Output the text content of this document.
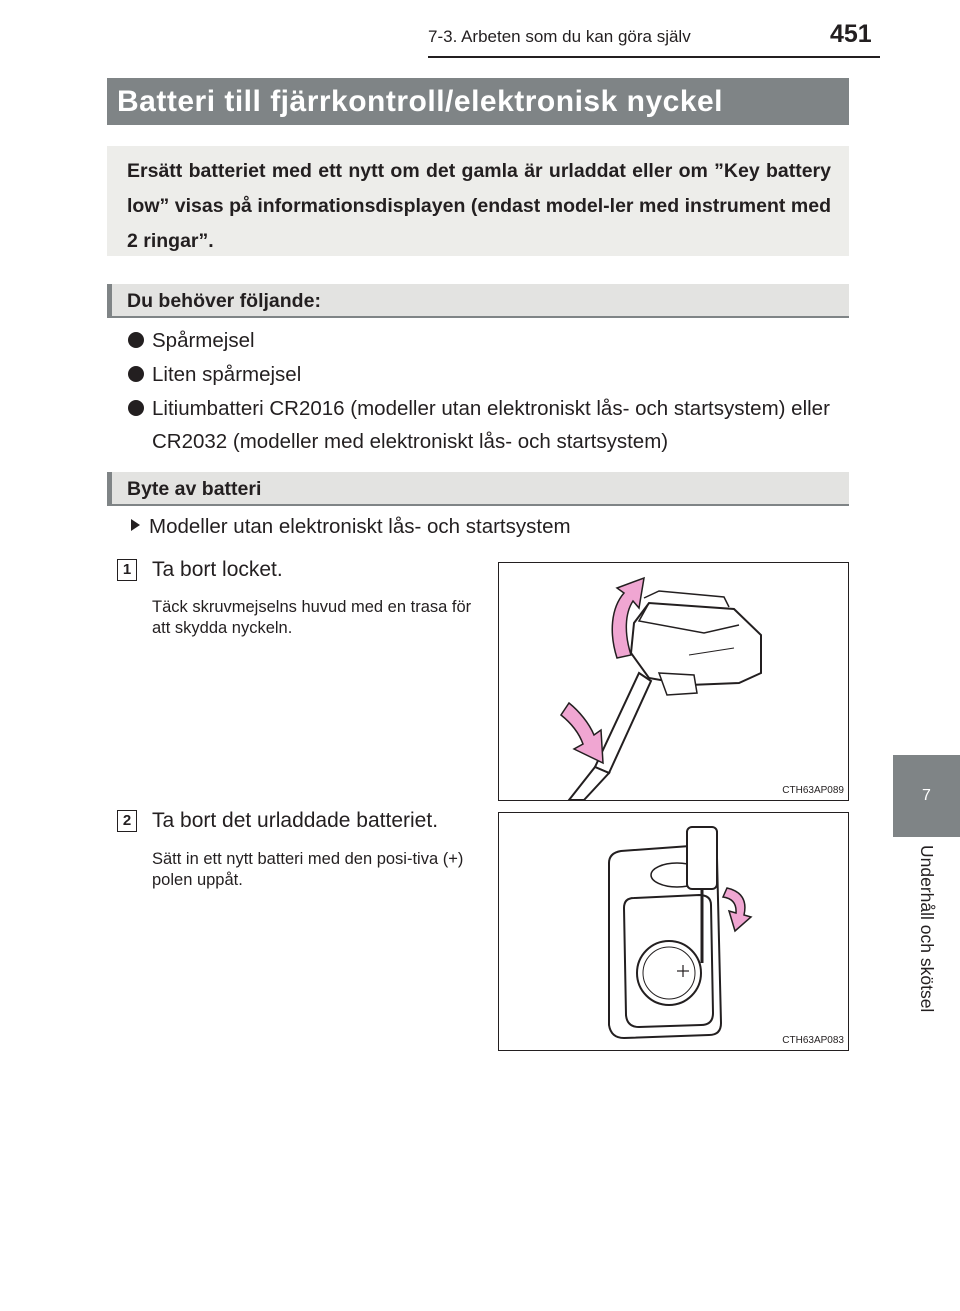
7-3. Arbeten som du kan göra själv	451
Batteri till fjärrkontroll/elektronisk nyckel

Ersätt batteriet med ett nytt om det gamla är urladdat eller om ”Key battery low” visas på informationsdisplayen (endast model-ler med instrument med 2 ringar”.

Du behöver följande:
Spårmejsel
Liten spårmejsel
Litiumbatteri CR2016 (modeller utan elektroniskt lås- och startsystem) eller CR2032 (modeller med elektroniskt lås- och startsystem)
Byte av batteri
Modeller utan elektroniskt lås- och startsystem
1 Ta bort locket.

Täck skruvmejselns huvud med en trasa för att skydda nyckeln.

CTH63AP089
2 Ta bort det urladdade batteriet.

Sätt in ett nytt batteri med den posi-tiva (+) polen uppåt.

CTH63AP083
7
Underhåll och skötsel
